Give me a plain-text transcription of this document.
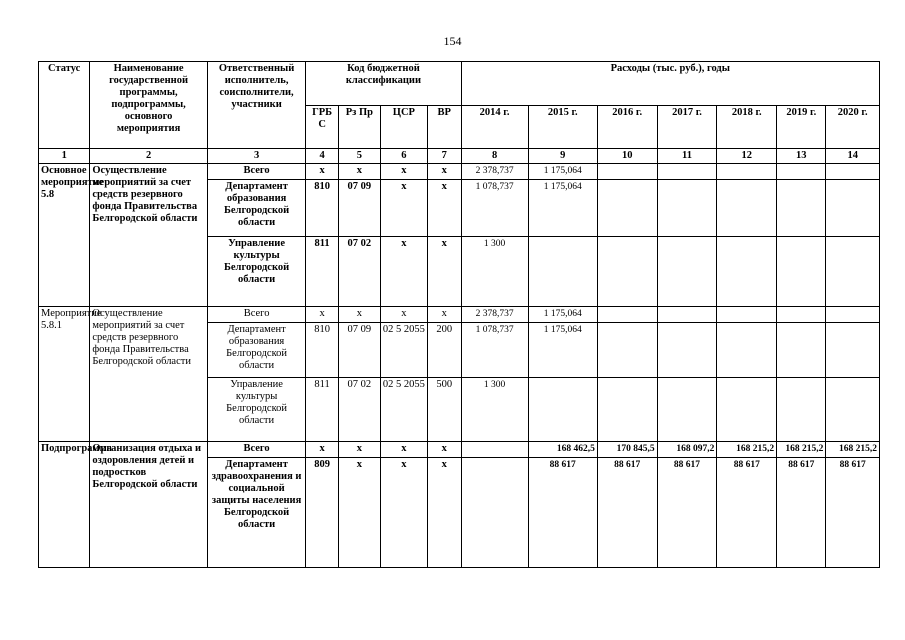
154
Статус	Наименование государственной программы, подпрограммы, основного мероприятия	Ответственный исполнитель, соисполнители, участники	Код бюджетной классификации				Расходы (тыс. руб.), годы						
			ГРБ С	Рз Пр	ЦСР	ВР	2014 г.	2015 г.	2016 г.	2017 г.	2018 г.	2019 г.	2020 г.
1	2	3	4	5	6	7	8	9	10	11	12	13	14
Основное мероприятие 5.8	Осуществление мероприятий за счет средств резервного фонда Правительства Белгородской области	Всего	х	х	х	х	2 378,737	1 175,064					
		Департамент образования Белгородской области	810	07 09	х	х	1 078,737	1 175,064					
		Управление культуры Белгородской области	811	07 02	х	х	1 300						
Мероприятие 5.8.1	Осуществление мероприятий за счет средств резервного фонда Правительства Белгородской области	Всего	х	х	х	х	2 378,737	1 175,064					
		Департамент образования Белгородской области	810	07 09	02 5 2055	200	1 078,737	1 175,064					
		Управление культуры Белгородской области	811	07 02	02 5 2055	500	1 300						
Подпрограмма	Организация отдыха и оздоровления детей и подростков Белгородской области	Всего	х	х	х	х		168 462,5	170 845,5	168 097,2	168 215,2	168 215,2	168 215,2
		Департамент здравоохранения и социальной защиты населения Белгородской области	809	х	х	х		88 617	88 617	88 617	88 617	88 617	88 617
